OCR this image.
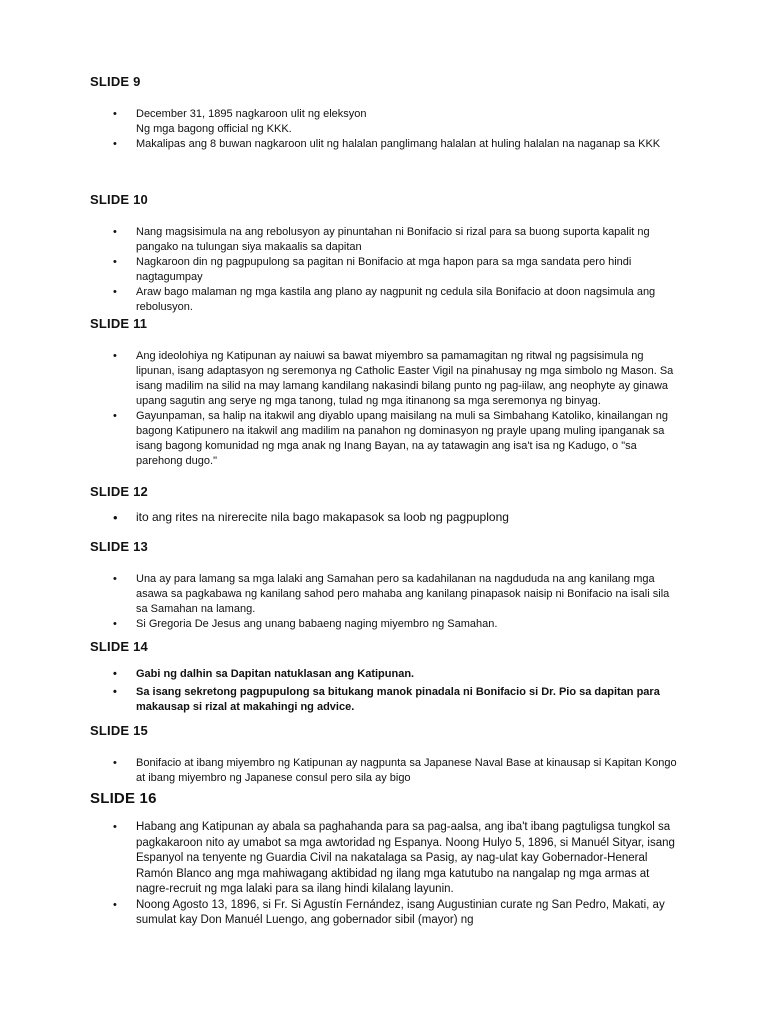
SLIDE 9
• December 31, 1895 nagkaroon ulit ng eleksyon
Ng mga bagong official ng KKK.
• Makalipas ang 8 buwan nagkaroon ulit ng halalan panglimang halalan at huling halalan na naganap sa KKK
SLIDE 10
• Nang magsisimula na ang rebolusyon ay pinuntahan ni Bonifacio si rizal para sa buong suporta kapalit ng pangako na tulungan siya makaalis sa dapitan
• Nagkaroon din ng pagpupulong sa pagitan ni Bonifacio at mga hapon para sa mga sandata pero hindi nagtagumpay
• Araw bago malaman ng mga kastila ang plano ay nagpunit ng cedula sila Bonifacio at doon nagsimula ang rebolusyon.
SLIDE 11
• Ang ideolohiya ng Katipunan ay naiuwi sa bawat miyembro sa pamamagitan ng ritwal ng pagsisimula ng lipunan, isang adaptasyon ng seremonya ng Catholic Easter Vigil na pinahusay ng mga simbolo ng Mason. Sa isang madilim na silid na may lamang kandilang nakasindi bilang punto ng pag-iilaw, ang neophyte ay ginawa upang sagutin ang serye ng mga tanong, tulad ng mga itinanong sa mga seremonya ng binyag.
• Gayunpaman, sa halip na itakwil ang diyablo upang maisilang na muli sa Simbahang Katoliko, kinailangan ng bagong Katipunero na itakwil ang madilim na panahon ng dominasyon ng prayle upang muling ipanganak sa isang bagong komunidad ng mga anak ng Inang Bayan, na ay tatawagin ang isa't isa ng Kadugo, o "sa parehong dugo."
SLIDE 12
• ito ang rites na nirerecite nila bago makapasok sa loob ng pagpuplong
SLIDE 13
• Una ay para lamang sa mga lalaki ang Samahan pero sa kadahilanan na nagdududa na ang kanilang mga asawa sa pagkabawa ng kanilang sahod pero mahaba ang kanilang pinapasok naisip ni Bonifacio na isali sila sa Samahan na lamang.
• Si Gregoria De Jesus ang unang babaeng naging miyembro ng Samahan.
SLIDE 14
• Gabi ng dalhin sa Dapitan natuklasan ang Katipunan.
• Sa isang sekretong pagpupulong sa bitukang manok pinadala ni Bonifacio si Dr. Pio sa dapitan para makausap si rizal at makahingi ng advice.
SLIDE 15
• Bonifacio at ibang miyembro ng Katipunan ay nagpunta sa Japanese Naval Base at kinausap si Kapitan Kongo at ibang miyembro ng Japanese consul pero sila ay bigo
SLIDE 16
• Habang ang Katipunan ay abala sa paghahanda para sa pag-aalsa, ang iba't ibang pagtuligsa tungkol sa pagkakaroon nito ay umabot sa mga awtoridad ng Espanya. Noong Hulyo 5, 1896, si Manuél Sityar, isang Espanyol na tenyente ng Guardia Civil na nakatalaga sa Pasig, ay nag-ulat kay Gobernador-Heneral Ramón Blanco ang mga mahiwagang aktibidad ng ilang mga katutubo na nangalap ng mga armas at nagre-recruit ng mga lalaki para sa ilang hindi kilalang layunin.
• Noong Agosto 13, 1896, si Fr. Si Agustín Fernández, isang Augustinian curate ng San Pedro, Makati, ay sumulat kay Don Manuél Luengo, ang gobernador sibil (mayor) ng
